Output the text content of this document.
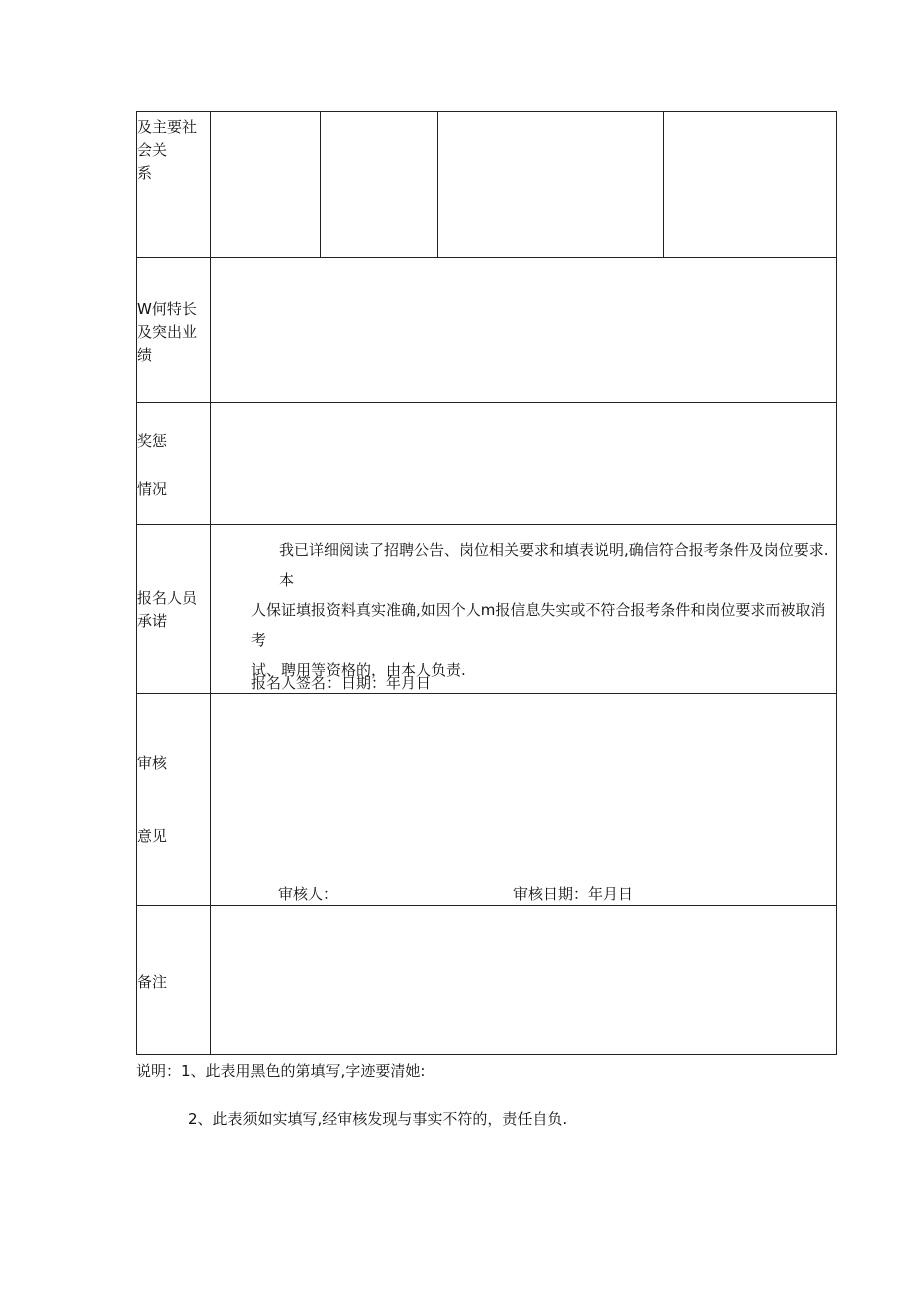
及主要社
会关
系
W何特长
及突出业
绩
奖惩
情况
报名人员
承诺

我已详细阅读了招聘公告、岗位相关要求和填表说明,确信符合报考条件及岗位要求.本

人保证填报资料真实准确,如因个人m报信息失实或不符合报考条件和岗位要求而被取消考

试、聘用等资格的，由本人负责.

报名人签名：日期：年月日
审核
意见
审核人：	审核日期：年月日
备注
说明：1、此表用黑色的第填写,字迹要清她:
2、此表须如实填写,经审核发现与事实不符的，责任自负.
